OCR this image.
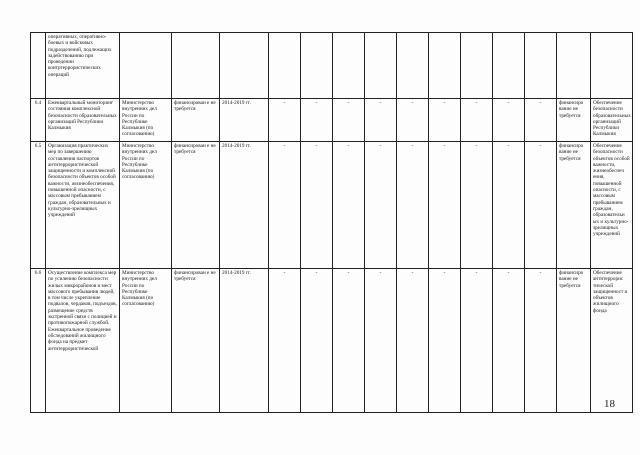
	оперативных, оперативно-боевых и войсковых подразделений, подлежащих задействованию при проведении контртеррористических операций														
6.4	Ежеквартальный мониторинг состояния комплексной безопасности образовательных организаций Республики Калмыкия	Министерство внутренних дел России по Республике Калмыкия (по согласованию)	финансирован е не требуется	2014-2019 гг.	-	-	-	-	-	-	-	-	-	финансиро вание не требуется	Обеспечение безопасности образовательных организаций Республики Калмыкия
6.5	Организация практических мер по завершению составления паспортов антитеррористической защищенности и комплексной безопасности объектов особой важности, жизнеобеспечения, повышенной опасности, с массовым пребыванием граждан, образовательных и культурно-зрелищных учреждений	Министерство внутренних дел России по Республике Калмыкия (по согласованию)	финансирован е не требуется	2014-2019 гг.	-	-	-	-	-	-	-	-	-	финансиро вание не требуется	Обеспечение безопасности объектов особой важности, жизнеобеспеч ения, повышенной опасности, с массовым пребыванием граждан, образовательн ых и культурно-зрелищных учреждений
6.6	Осуществление комплекса мер по усилению безопасности жилых микрорайонов и мест массового пребывания людей, в том числе укрепление подвалов, чердаков, подъездов, размещение средств экстренной связи с полицией и противопожарной службой. Ежеквартальное проведение обследований жилищного фонда на предмет антитеррористической	Министерство внутренних дел России по Республике Калмыкия (по согласованию)	финансирован е не требуется	2014-2019 гг.	-	-	-	-	-	-	-	-	-	финансиро вание не требуется	Обеспечение антитеррорис тической защищенност и объектов жилищного фонда
18
